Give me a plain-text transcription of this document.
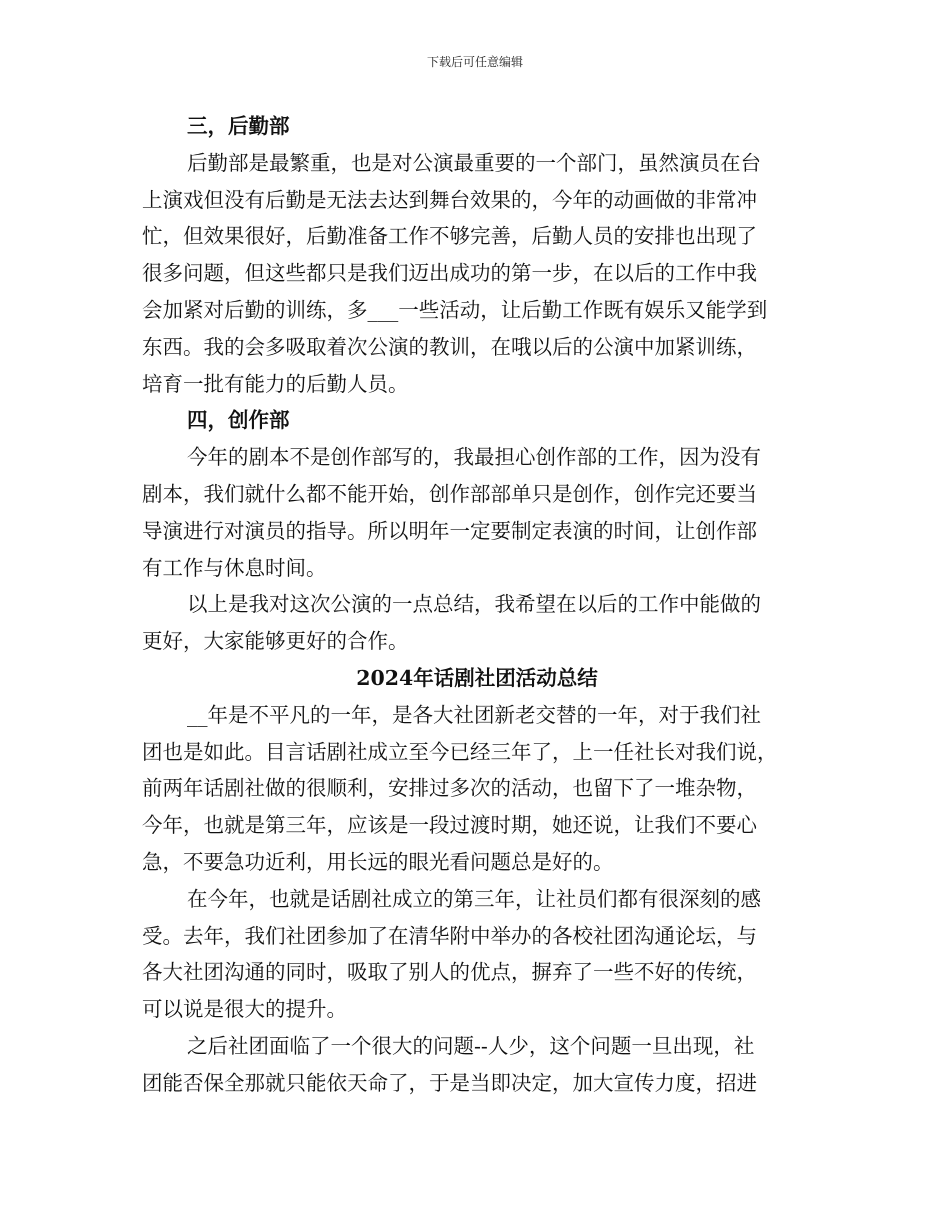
下载后可任意编辑
三，后勤部
后勤部是最繁重，也是对公演最重要的一个部门，虽然演员在台
上演戏但没有后勤是无法去达到舞台效果的，今年的动画做的非常冲
忙，但效果很好，后勤准备工作不够完善，后勤人员的安排也出现了
很多问题，但这些都只是我们迈出成功的第一步，在以后的工作中我
会加紧对后勤的训练，多___一些活动，让后勤工作既有娱乐又能学到
东西。我的会多吸取着次公演的教训，在哦以后的公演中加紧训练，
培育一批有能力的后勤人员。
四，创作部
今年的剧本不是创作部写的，我最担心创作部的工作，因为没有
剧本，我们就什么都不能开始，创作部部单只是创作，创作完还要当
导演进行对演员的指导。所以明年一定要制定表演的时间，让创作部
有工作与休息时间。
以上是我对这次公演的一点总结，我希望在以后的工作中能做的
更好，大家能够更好的合作。
2024年话剧社团活动总结
__年是不平凡的一年，是各大社团新老交替的一年，对于我们社
团也是如此。目言话剧社成立至今已经三年了，上一任社长对我们说，
前两年话剧社做的很顺利，安排过多次的活动，也留下了一堆杂物，
今年，也就是第三年，应该是一段过渡时期，她还说，让我们不要心
急，不要急功近利，用长远的眼光看问题总是好的。
在今年，也就是话剧社成立的第三年，让社员们都有很深刻的感
受。去年，我们社团参加了在清华附中举办的各校社团沟通论坛，与
各大社团沟通的同时，吸取了别人的优点，摒弃了一些不好的传统，
可以说是很大的提升。
之后社团面临了一个很大的问题--人少，这个问题一旦出现，社
团能否保全那就只能依天命了，于是当即决定，加大宣传力度，招进
